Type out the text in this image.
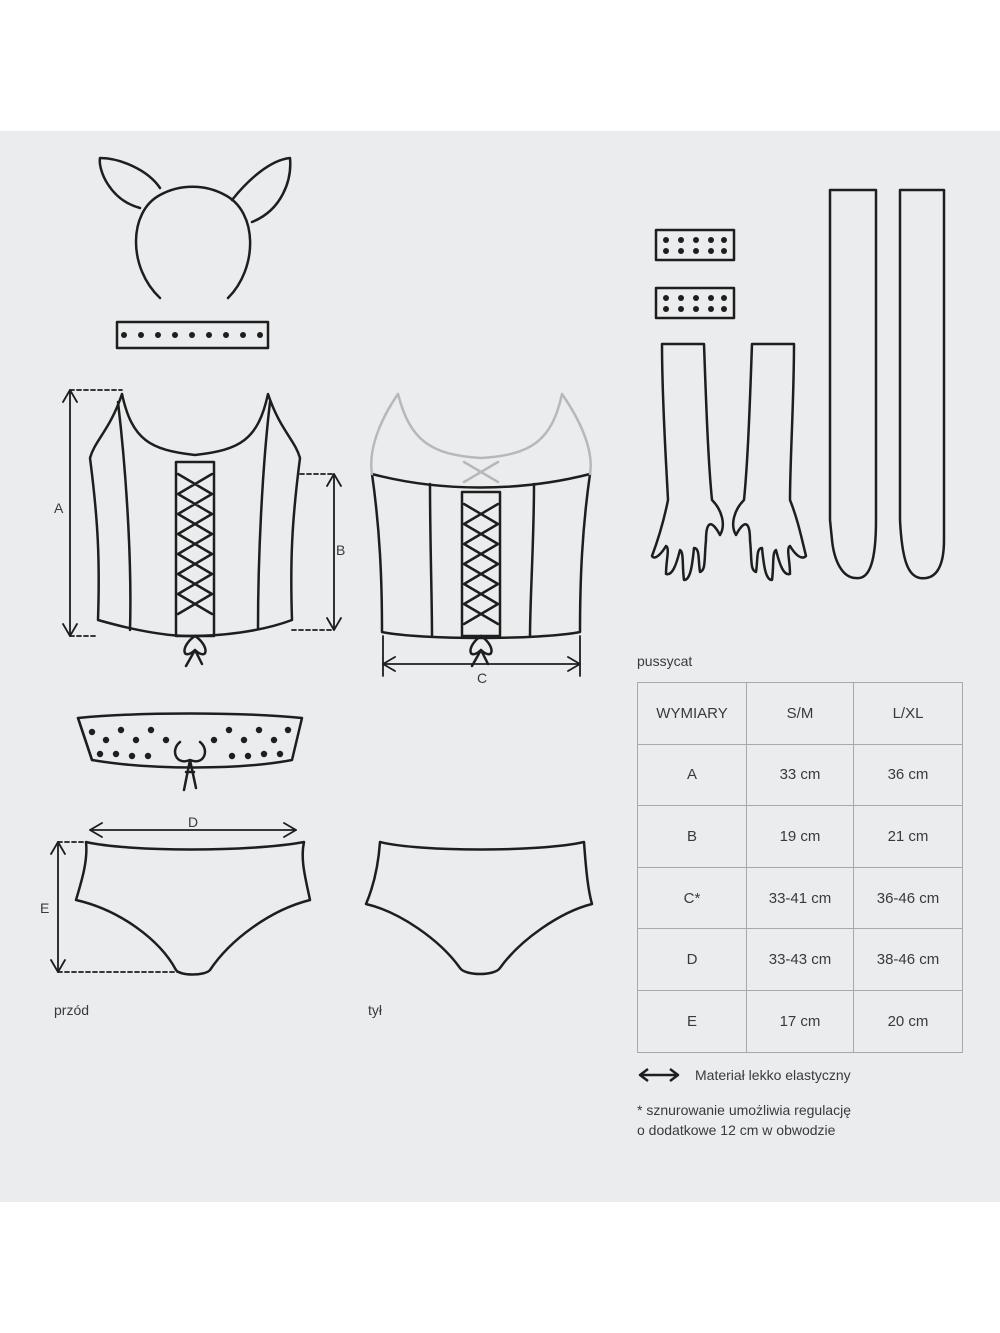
A
B
C
D
E
przód	tył
pussycat
WYMIARY	S/M	L/XL
A	33 cm	36 cm
B	19 cm	21 cm
C*	33-41 cm	36-46 cm
D	33-43 cm	38-46 cm
E	17 cm	20 cm
Materiał lekko elastyczny
* sznurowanie umożliwia regulację
o dodatkowe 12 cm w obwodzie
